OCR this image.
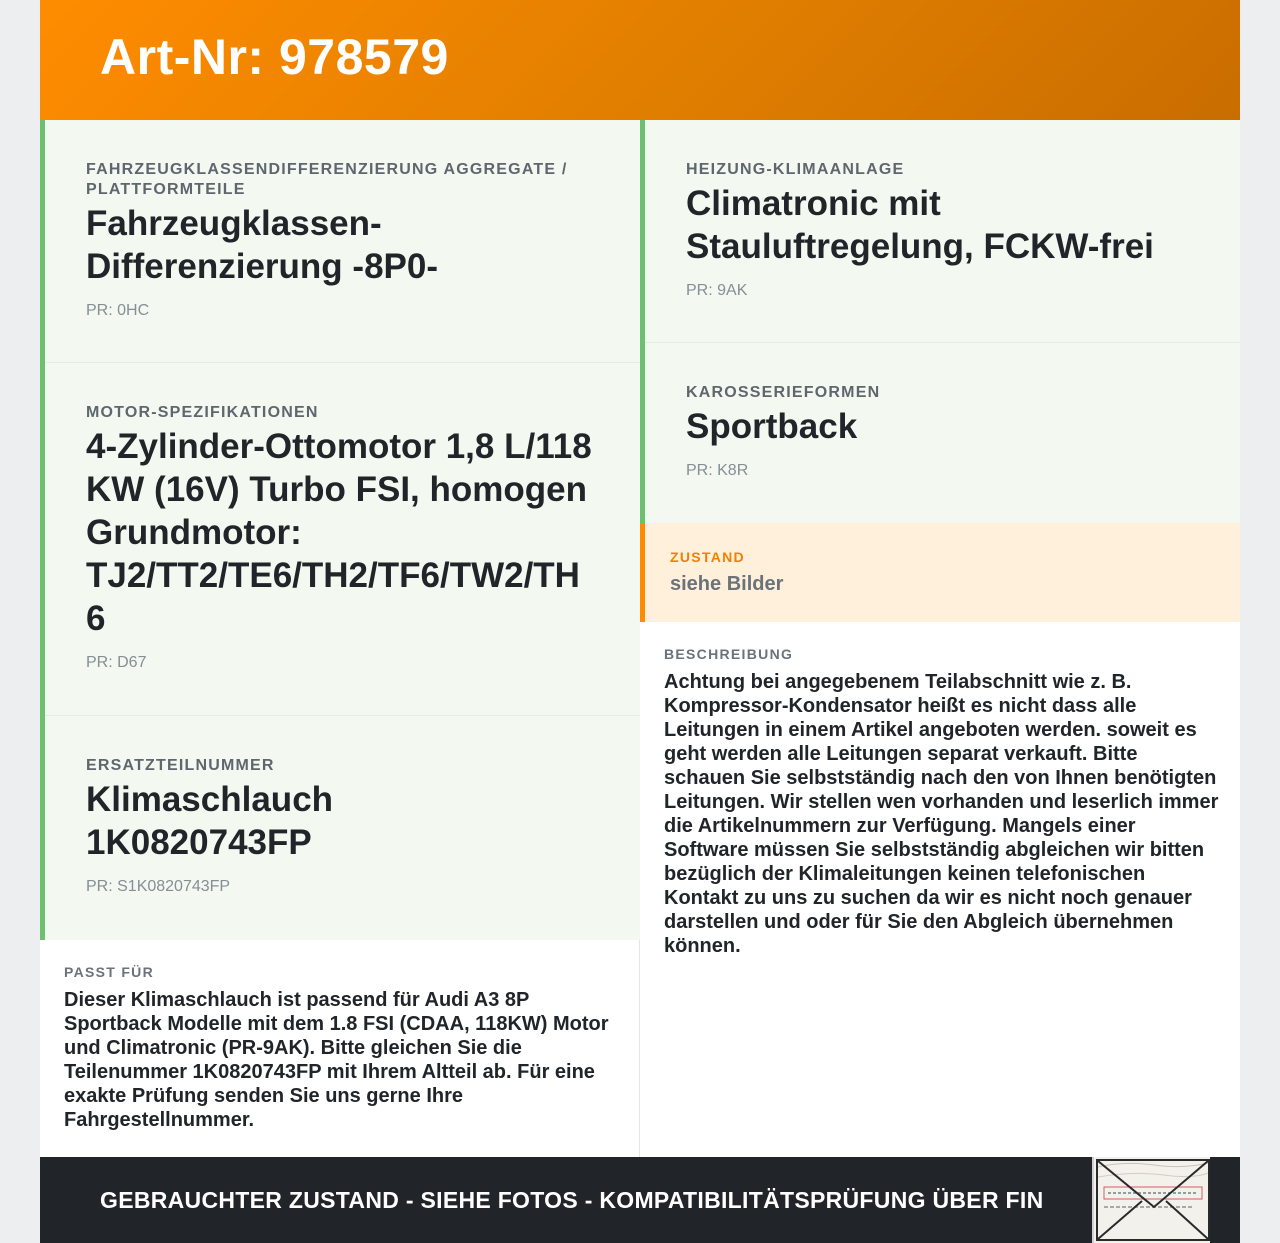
Art-Nr: 978579
FAHRZEUGKLASSENDIFFERENZIERUNG AGGREGATE / PLATTFORMTEILE
Fahrzeugklassen-Differenzierung -8P0-
PR: 0HC
MOTOR-SPEZIFIKATIONEN
4-Zylinder-Ottomotor 1,8 L/118 KW (16V) Turbo FSI, homogen Grundmotor: TJ2/TT2/TE6/TH2/TF6/TW2/TH6
PR: D67
ERSATZTEILNUMMER
Klimaschlauch 1K0820743FP
PR: S1K0820743FP
HEIZUNG-KLIMAANLAGE
Climatronic mit Stauluftregelung, FCKW-frei
PR: 9AK
KAROSSERIEFORMEN
Sportback
PR: K8R
ZUSTAND
siehe Bilder
BESCHREIBUNG
Achtung bei angegebenem Teilabschnitt wie z. B. Kompressor-Kondensator heißt es nicht dass alle Leitungen in einem Artikel angeboten werden. soweit es geht werden alle Leitungen separat verkauft. Bitte schauen Sie selbstständig nach den von Ihnen benötigten Leitungen. Wir stellen wen vorhanden und leserlich immer die Artikelnummern zur Verfügung. Mangels einer Software müssen Sie selbstständig abgleichen wir bitten bezüglich der Klimaleitungen keinen telefonischen Kontakt zu uns zu suchen da wir es nicht noch genauer darstellen und oder für Sie den Abgleich übernehmen können.
PASST FÜR
Dieser Klimaschlauch ist passend für Audi A3 8P Sportback Modelle mit dem 1.8 FSI (CDAA, 118KW) Motor und Climatronic (PR-9AK). Bitte gleichen Sie die Teilenummer 1K0820743FP mit Ihrem Altteil ab. Für eine exakte Prüfung senden Sie uns gerne Ihre Fahrgestellnummer.
GEBRAUCHTER ZUSTAND - SIEHE FOTOS - KOMPATIBILITÄTSPRÜFUNG ÜBER FIN
